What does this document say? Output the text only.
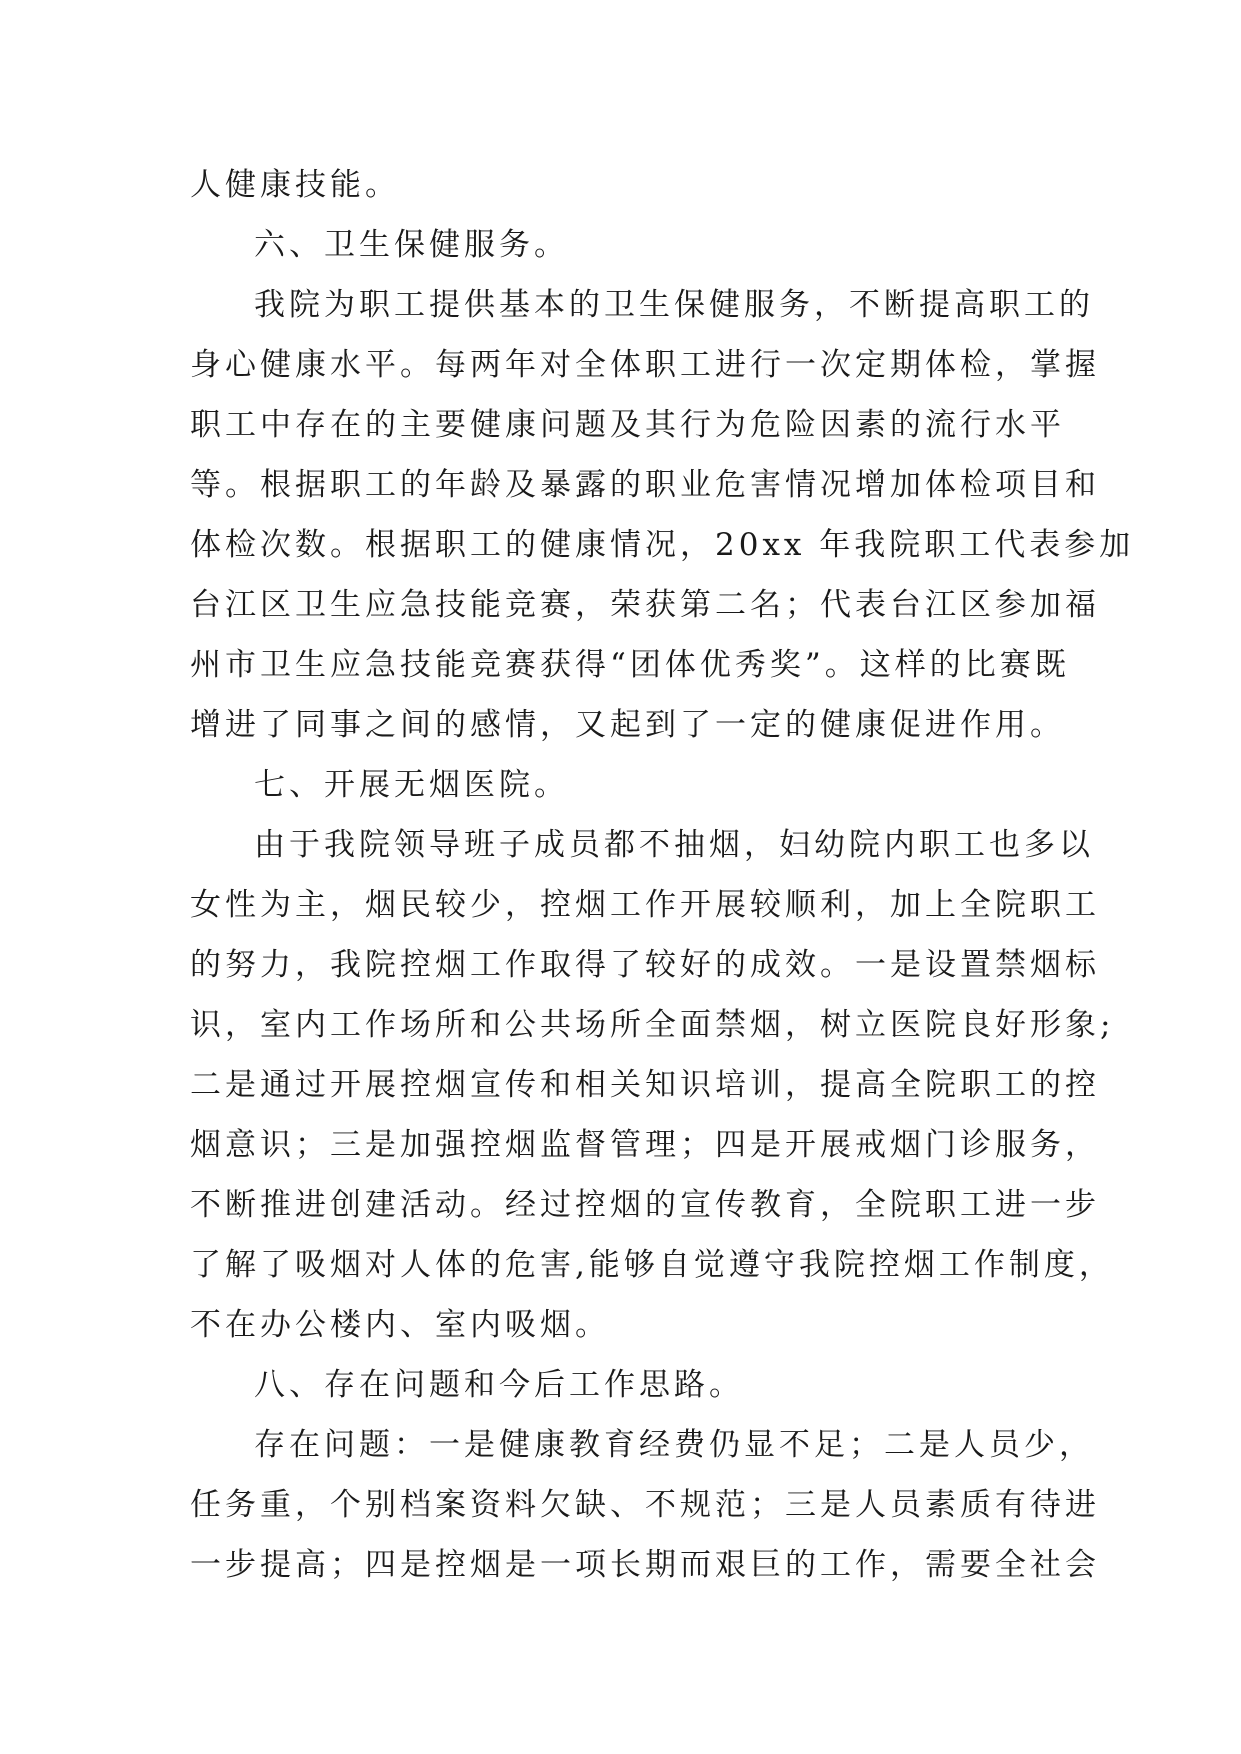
人健康技能。
六、卫生保健服务。
我院为职工提供基本的卫生保健服务，不断提高职工的
身心健康水平。每两年对全体职工进行一次定期体检，掌握
职工中存在的主要健康问题及其行为危险因素的流行水平
等。根据职工的年龄及暴露的职业危害情况增加体检项目和
体检次数。根据职工的健康情况，20xx 年我院职工代表参加
台江区卫生应急技能竞赛，荣获第二名；代表台江区参加福
州市卫生应急技能竞赛获得“团体优秀奖”。这样的比赛既
增进了同事之间的感情，又起到了一定的健康促进作用。
七、开展无烟医院。
由于我院领导班子成员都不抽烟，妇幼院内职工也多以
女性为主，烟民较少，控烟工作开展较顺利，加上全院职工
的努力，我院控烟工作取得了较好的成效。一是设置禁烟标
识，室内工作场所和公共场所全面禁烟，树立医院良好形象;
二是通过开展控烟宣传和相关知识培训，提高全院职工的控
烟意识；三是加强控烟监督管理；四是开展戒烟门诊服务，
不断推进创建活动。经过控烟的宣传教育，全院职工进一步
了解了吸烟对人体的危害,能够自觉遵守我院控烟工作制度，
不在办公楼内、室内吸烟。
八、存在问题和今后工作思路。
存在问题：一是健康教育经费仍显不足；二是人员少，
任务重，个别档案资料欠缺、不规范；三是人员素质有待进
一步提高；四是控烟是一项长期而艰巨的工作，需要全社会
